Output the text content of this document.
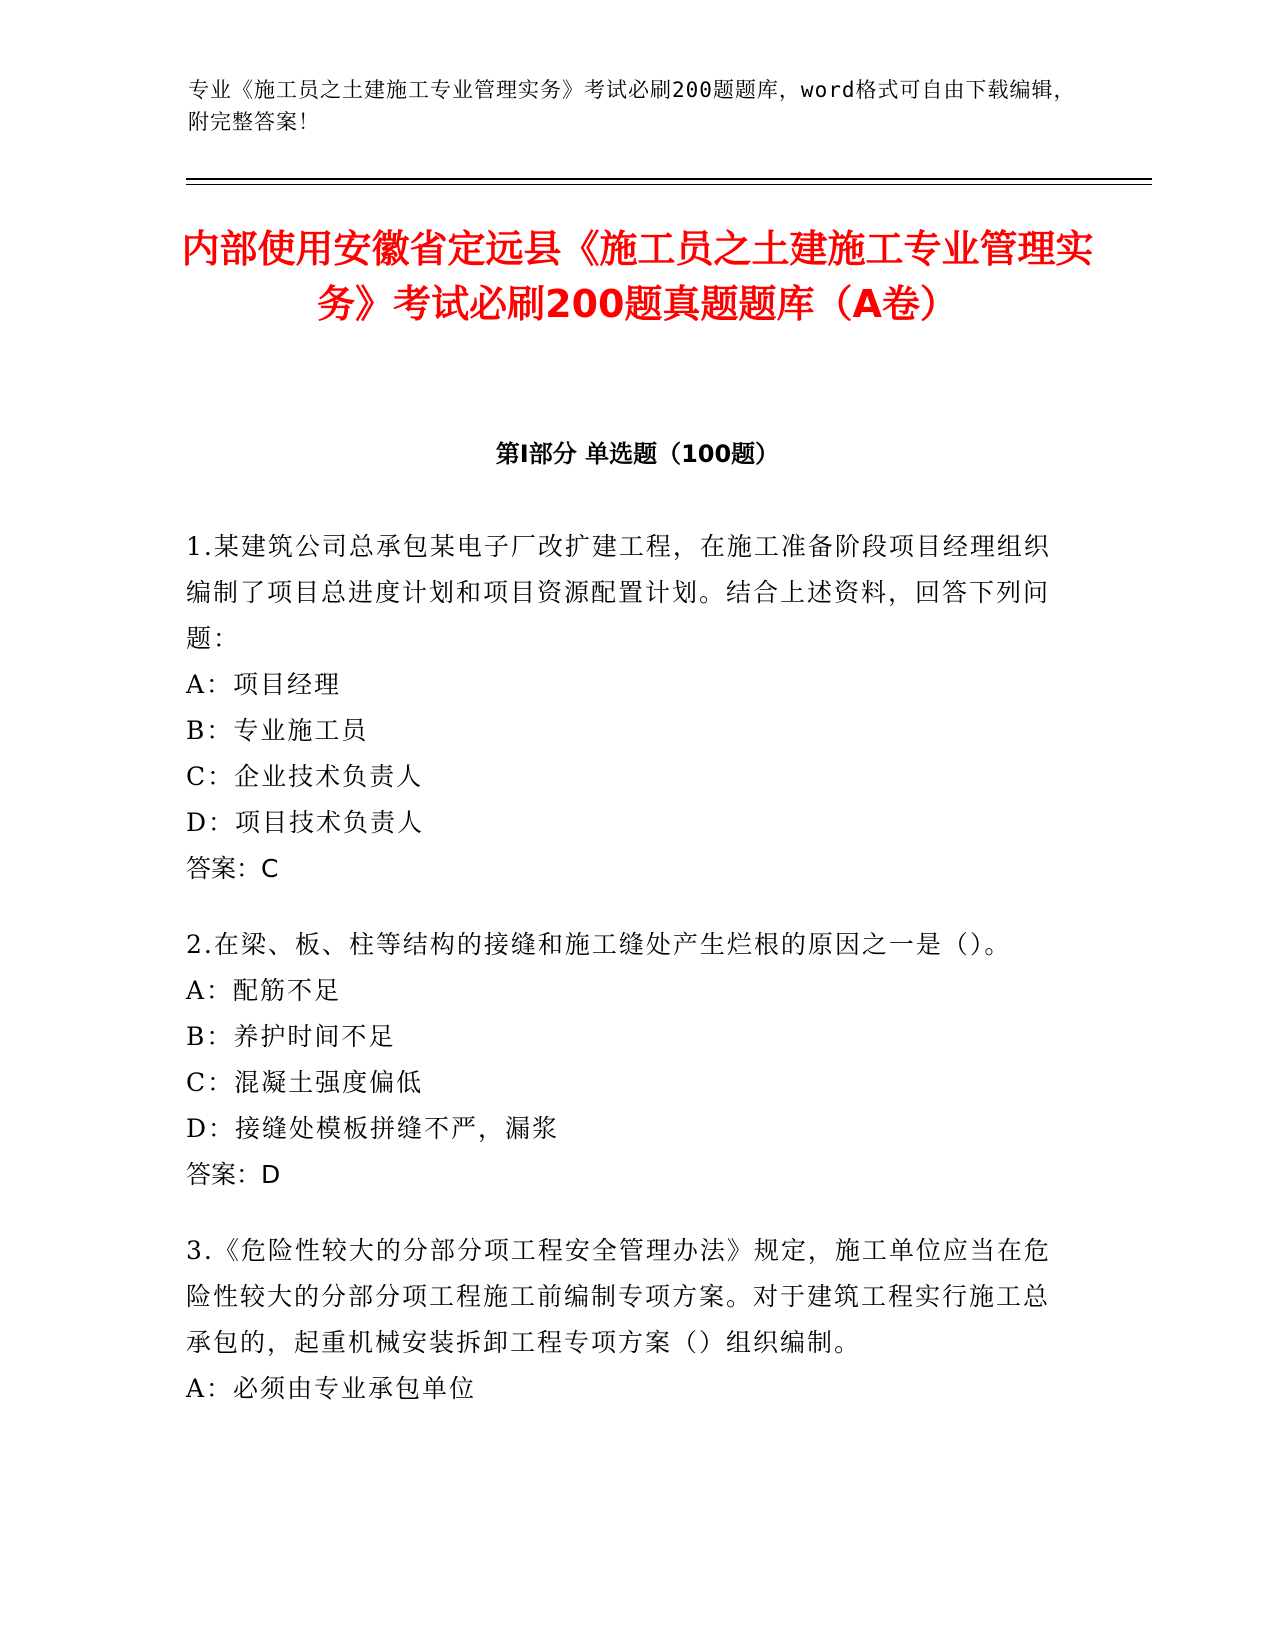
专业《施工员之土建施工专业管理实务》考试必刷200题题库，word格式可自由下载编辑，附完整答案！
内部使用安徽省定远县《施工员之土建施工专业管理实务》考试必刷200题真题题库（A卷）
第Ⅰ部分 单选题（100题）
1.某建筑公司总承包某电子厂改扩建工程，在施工准备阶段项目经理组织编制了项目总进度计划和项目资源配置计划。结合上述资料，回答下列问题：
A：项目经理
B：专业施工员
C：企业技术负责人
D：项目技术负责人
答案：C
2.在梁、板、柱等结构的接缝和施工缝处产生烂根的原因之一是（）。
A：配筋不足
B：养护时间不足
C：混凝土强度偏低
D：接缝处模板拼缝不严，漏浆
答案：D
3.《危险性较大的分部分项工程安全管理办法》规定，施工单位应当在危险性较大的分部分项工程施工前编制专项方案。对于建筑工程实行施工总承包的，起重机械安装拆卸工程专项方案（）组织编制。
A：必须由专业承包单位
